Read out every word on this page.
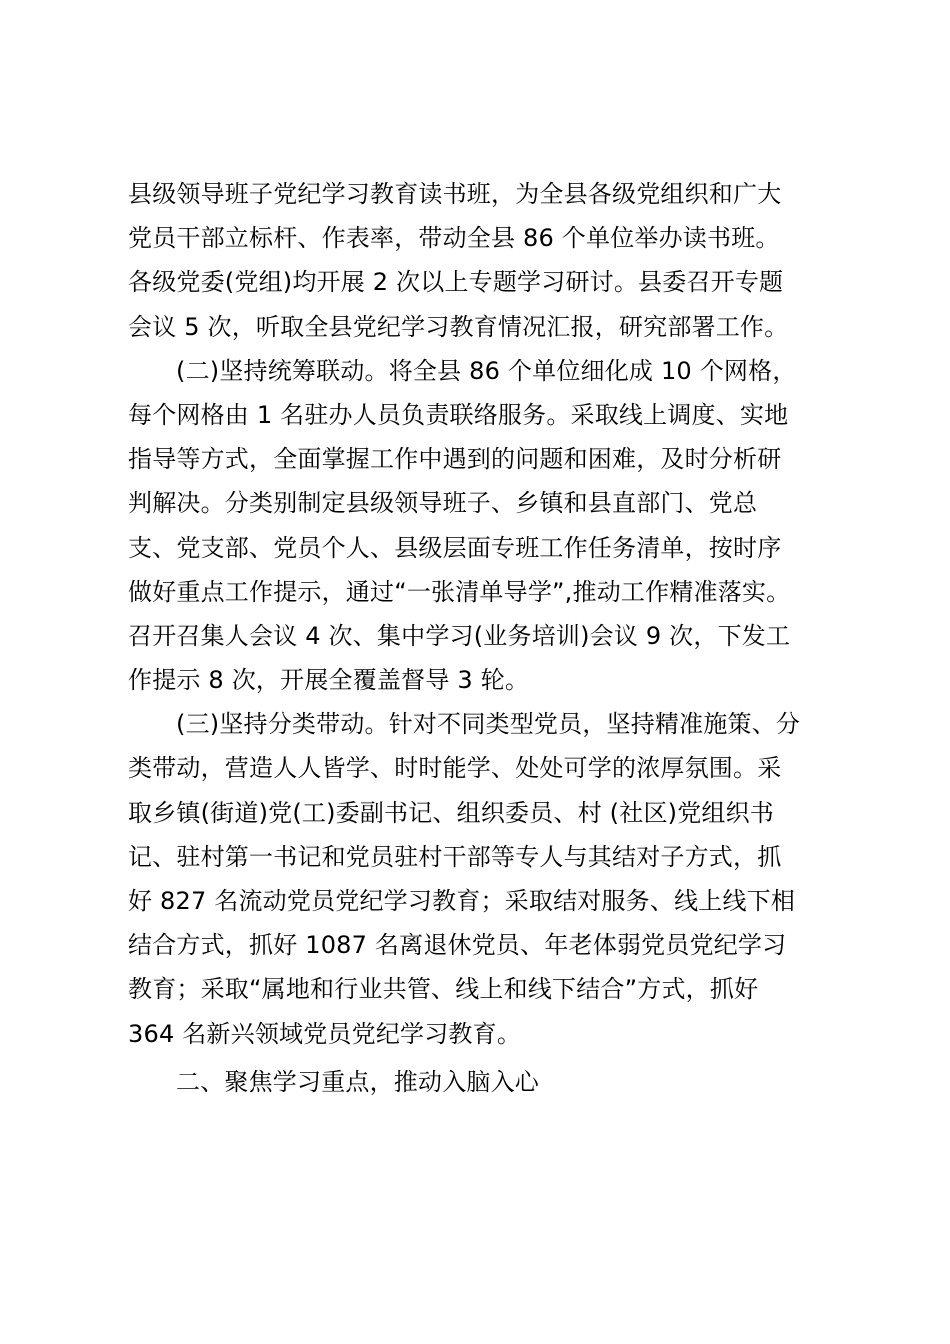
县级领导班子党纪学习教育读书班，为全县各级党组织和广大
党员干部立标杆、作表率，带动全县 86 个单位举办读书班。
各级党委(党组)均开展 2 次以上专题学习研讨。县委召开专题
会议 5 次，听取全县党纪学习教育情况汇报，研究部署工作。
(二)坚持统筹联动。将全县 86 个单位细化成 10 个网格，
每个网格由 1 名驻办人员负责联络服务。采取线上调度、实地
指导等方式，全面掌握工作中遇到的问题和困难，及时分析研
判解决。分类别制定县级领导班子、乡镇和县直部门、党总
支、党支部、党员个人、县级层面专班工作任务清单，按时序
做好重点工作提示，通过“一张清单导学”,推动工作精准落实。
召开召集人会议 4 次、集中学习(业务培训)会议 9 次，下发工
作提示 8 次，开展全覆盖督导 3 轮。
(三)坚持分类带动。针对不同类型党员，坚持精准施策、分
类带动，营造人人皆学、时时能学、处处可学的浓厚氛围。采
取乡镇(街道)党(工)委副书记、组织委员、村 (社区)党组织书
记、驻村第一书记和党员驻村干部等专人与其结对子方式，抓
好 827 名流动党员党纪学习教育；采取结对服务、线上线下相
结合方式，抓好 1087 名离退休党员、年老体弱党员党纪学习
教育；采取“属地和行业共管、线上和线下结合”方式，抓好
364 名新兴领域党员党纪学习教育。
二、聚焦学习重点，推动入脑入心
